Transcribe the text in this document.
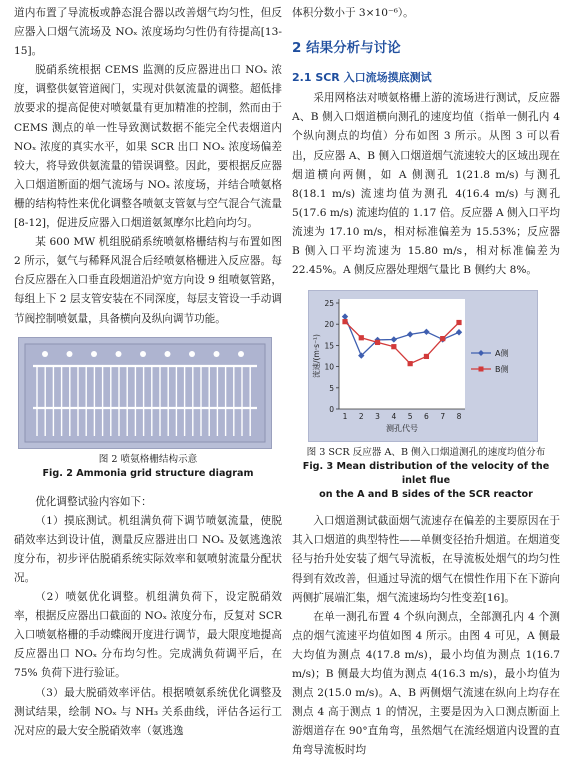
道内布置了导流板或静态混合器以改善烟气均匀性，但反应器入口烟气流场及 NOₓ 浓度场均匀性仍有待提高[13-15]。

脱硝系统根据 CEMS 监测的反应器进出口 NOₓ 浓度，调整供氨管道阀门，实现对供氨流量的调整。超低排放要求的提高促使对喷氨量有更加精准的控制，然而由于 CEMS 测点的单一性导致测试数据不能完全代表烟道内 NOₓ 浓度的真实水平，如果 SCR 出口 NOₓ 浓度场偏差较大，将导致供氨流量的错误调整。因此，要根据反应器入口烟道断面的烟气流场与 NOₓ 浓度场，并结合喷氨格栅的结构特性来优化调整各喷氨支管氨与空气混合气流量[8-12]，促进反应器入口烟道氨氮摩尔比趋向均匀。

某 600 MW 机组脱硝系统喷氨格栅结构与布置如图 2 所示，氨气与稀释风混合后经喷氨格栅进入反应器。每台反应器在入口垂直段烟道沿炉宽方向设 9 组喷氨管路，每组上下 2 层支管安装在不同深度，每层支管设一手动调节阀控制喷氨量，具备横向及纵向调节功能。

图 2 喷氨格栅结构示意
Fig. 2 Ammonia grid structure diagram

优化调整试验内容如下：

（1）摸底测试。机组满负荷下调节喷氨流量，使脱硝效率达到设计值，测量反应器进出口 NOₓ 及氨逃逸浓度分布，初步评估脱硝系统实际效率和氨喷射流量分配状况。

（2）喷氨优化调整。机组满负荷下，设定脱硝效率，根据反应器出口截面的 NOₓ 浓度分布，反复对 SCR 入口喷氨格栅的手动蝶阀开度进行调节，最大限度地提高反应器出口 NOₓ 分布均匀性。完成满负荷调平后，在 75% 负荷下进行验证。

（3）最大脱硝效率评估。根据喷氨系统优化调整及测试结果，绘制 NOₓ 与 NH₃ 关系曲线，评估各运行工况对应的最大安全脱硝效率（氨逃逸

体积分数小于 3×10⁻⁶）。

2 结果分析与讨论
2.1 SCR 入口流场摸底测试

采用网格法对喷氨格栅上游的流场进行测试，反应器 A、B 侧入口烟道横向测孔的速度均值（指单一侧孔内 4 个纵向测点的均值）分布如图 3 所示。从图 3 可以看出，反应器 A、B 侧入口烟道烟气流速较大的区域出现在烟道横向两侧，如 A 侧测孔 1(21.8 m/s) 与测孔 8(18.1 m/s) 流速均值为测孔 4(16.4 m/s) 与测孔 5(17.6 m/s) 流速均值的 1.17 倍。反应器 A 侧入口平均流速为 17.10 m/s，相对标准偏差为 15.53%；反应器 B 侧入口平均流速为 15.80 m/s，相对标准偏差为 22.45%。A 侧反应器处理烟气量比 B 侧约大 8%。

0
5
10
15
20
25
1 2 3 4 5 6 7 8
测孔代号
流速/(m·s⁻¹)	A侧
B侧
图 3 SCR 反应器 A、B 侧入口烟道测孔的速度均值分布
Fig. 3 Mean distribution of the velocity of the inlet flue
on the A and B sides of the SCR reactor

入口烟道测试截面烟气流速存在偏差的主要原因在于其入口烟道的典型特性——单侧变径抬升烟道。在烟道变径与抬升处安装了烟气导流板，在导流板处烟气的均匀性得到有效改善，但通过导流的烟气在惯性作用下在下游向两侧扩展端汇集，烟气流速场均匀性变差[16]。

在单一测孔布置 4 个纵向测点，全部测孔内 4 个测点的烟气流速平均值如图 4 所示。由图 4 可见，A 侧最大均值为测点 4(17.8 m/s)，最小均值为测点 1(16.7 m/s)；B 侧最大均值为测点 4(16.3 m/s)，最小均值为测点 2(15.0 m/s)。A、B 两侧烟气流速在纵向上均存在测点 4 高于测点 1 的情况，主要是因为入口测点断面上游烟道存在 90°直角弯，虽然烟气在流经烟道内设置的直角弯导流板时均
